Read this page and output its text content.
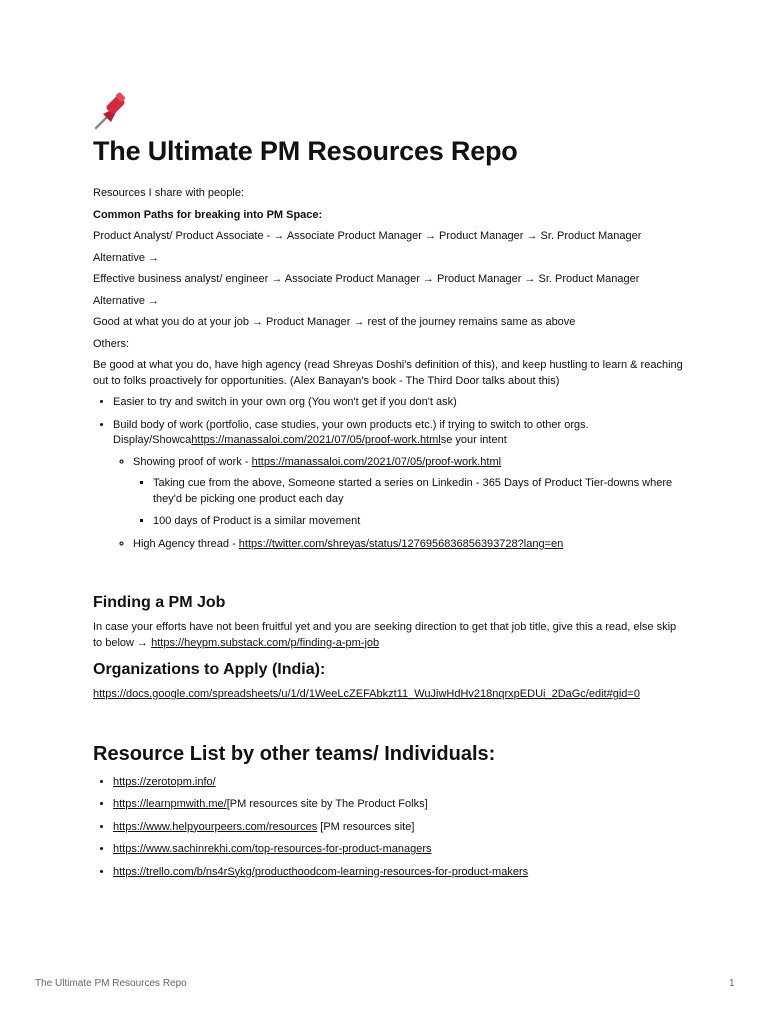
The Ultimate PM Resources Repo

Resources I share with people:

Common Paths for breaking into PM Space:

Product Analyst/ Product Associate - → Associate Product Manager → Product Manager → Sr. Product Manager

Alternative →

Effective business analyst/ engineer → Associate Product Manager → Product Manager → Sr. Product Manager

Alternative →

Good at what you do at your job → Product Manager → rest of the journey remains same as above

Others:

Be good at what you do, have high agency (read Shreyas Doshi's definition of this), and keep hustling to learn & reaching out to folks proactively for opportunities. (Alex Banayan's book - The Third Door talks about this)

• Easier to try and switch in your own org (You won't get if you don't ask)
• Build body of work (portfolio, case studies, your own products etc.) if trying to switch to other orgs. Display/Showcahttps://manassaloi.com/2021/07/05/proof-work.htmlse your intent
◦ Showing proof of work - https://manassaloi.com/2021/07/05/proof-work.html
▪ Taking cue from the above, Someone started a series on Linkedin - 365 Days of Product Tier-downs where they'd be picking one product each day
▪ 100 days of Product is a similar movement
◦ High Agency thread - https://twitter.com/shreyas/status/1276956836856393728?lang=en
Finding a PM Job

In case your efforts have not been fruitful yet and you are seeking direction to get that job title, give this a read, else skip to below → https://heypm.substack.com/p/finding-a-pm-job

Organizations to Apply (India):

https://docs.google.com/spreadsheets/u/1/d/1WeeLcZEFAbkzt11_WuJiwHdHv218nqrxpEDUi_2DaGc/edit#gid=0

Resource List by other teams/ Individuals:
• https://zerotopm.info/
• https://learnpmwith.me/[PM resources site by The Product Folks]
• https://www.helpyourpeers.com/resources [PM resources site]
• https://www.sachinrekhi.com/top-resources-for-product-managers
• https://trello.com/b/ns4rSykg/producthoodcom-learning-resources-for-product-makers
The Ultimate PM Resources Repo	1
